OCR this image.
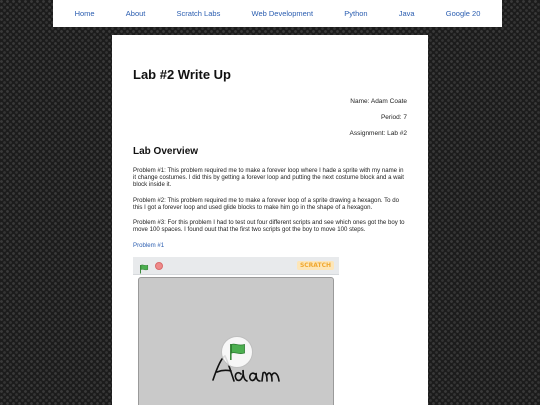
Home	About	Scratch Labs	Web Development	Python	Java	Google 20
Lab #2 Write Up
Name: Adam Coate
Period: 7
Assignment: Lab #2
Lab Overview

Problem #1: This problem required me to make a forever loop where I hade a sprite with my name in it change costumes. I did this by getting a forever loop and putting the next costume block and a wait block inside it.

Problem #2: This problem required me to make a forever loop of a sprite drawing a hexagon. To do this I got a forever loop and used glide blocks to make him go in the shape of a hexagon.

Problem #3: For this problem I had to test out four different scripts and see which ones got the boy to move 100 spaces. I found ouut that the first two scripts got the boy to move 100 steps.

Problem #1
SCRATCH
